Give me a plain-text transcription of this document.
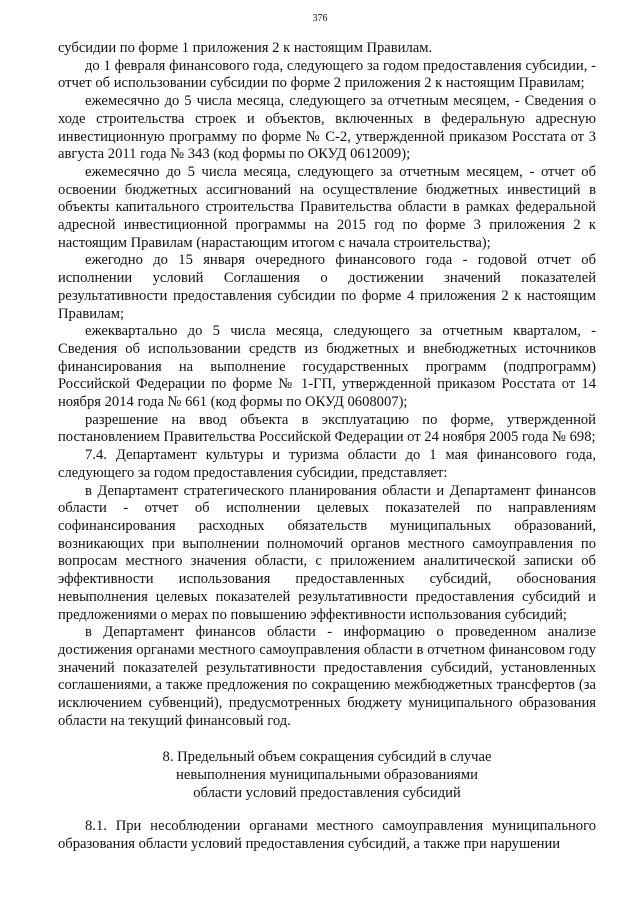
376

субсидии по форме 1 приложения 2 к настоящим Правилам.

до 1 февраля финансового года, следующего за годом предоставления субсидии, - отчет об использовании субсидии по форме 2 приложения 2 к настоящим Правилам;

ежемесячно до 5 числа месяца, следующего за отчетным месяцем, - Сведения о ходе строительства строек и объектов, включенных в федеральную адресную инвестиционную программу по форме № С-2, утвержденной приказом Росстата от 3 августа 2011 года № 343 (код формы по ОКУД 0612009);

ежемесячно до 5 числа месяца, следующего за отчетным месяцем, - отчет об освоении бюджетных ассигнований на осуществление бюджетных инвестиций в объекты капитального строительства Правительства области в рамках федеральной адресной инвестиционной программы на 2015 год по форме 3 приложения 2 к настоящим Правилам (нарастающим итогом с начала строительства);

ежегодно до 15 января очередного финансового года - годовой отчет об исполнении условий Соглашения о достижении значений показателей результативности предоставления субсидии по форме 4 приложения 2 к настоящим Правилам;

ежеквартально до 5 числа месяца, следующего за отчетным кварталом, - Сведения об использовании средств из бюджетных и внебюджетных источников финансирования на выполнение государственных программ (подпрограмм) Российской Федерации по форме № 1-ГП, утвержденной приказом Росстата от 14 ноября 2014 года № 661 (код формы по ОКУД 0608007);

разрешение на ввод объекта в эксплуатацию по форме, утвержденной постановлением Правительства Российской Федерации от 24 ноября 2005 года № 698;

7.4. Департамент культуры и туризма области до 1 мая финансового года, следующего за годом предоставления субсидии, представляет:

в Департамент стратегического планирования области и Департамент финансов области - отчет об исполнении целевых показателей по направлениям софинансирования расходных обязательств муниципальных образований, возникающих при выполнении полномочий органов местного самоуправления по вопросам местного значения области, с приложением аналитической записки об эффективности использования предоставленных субсидий, обоснования невыполнения целевых показателей результативности предоставления субсидий и предложениями о мерах по повышению эффективности использования субсидий;

в Департамент финансов области - информацию о проведенном анализе достижения органами местного самоуправления области в отчетном финансовом году значений показателей результативности предоставления субсидий, установленных соглашениями, а также предложения по сокращению межбюджетных трансфертов (за исключением субвенций), предусмотренных бюджету муниципального образования области на текущий финансовый год.

8. Предельный объем сокращения субсидий в случае
невыполнения муниципальными образованиями
области условий предоставления субсидий

8.1. При несоблюдении органами местного самоуправления муниципального образования области условий предоставления субсидий, а также при нарушении
